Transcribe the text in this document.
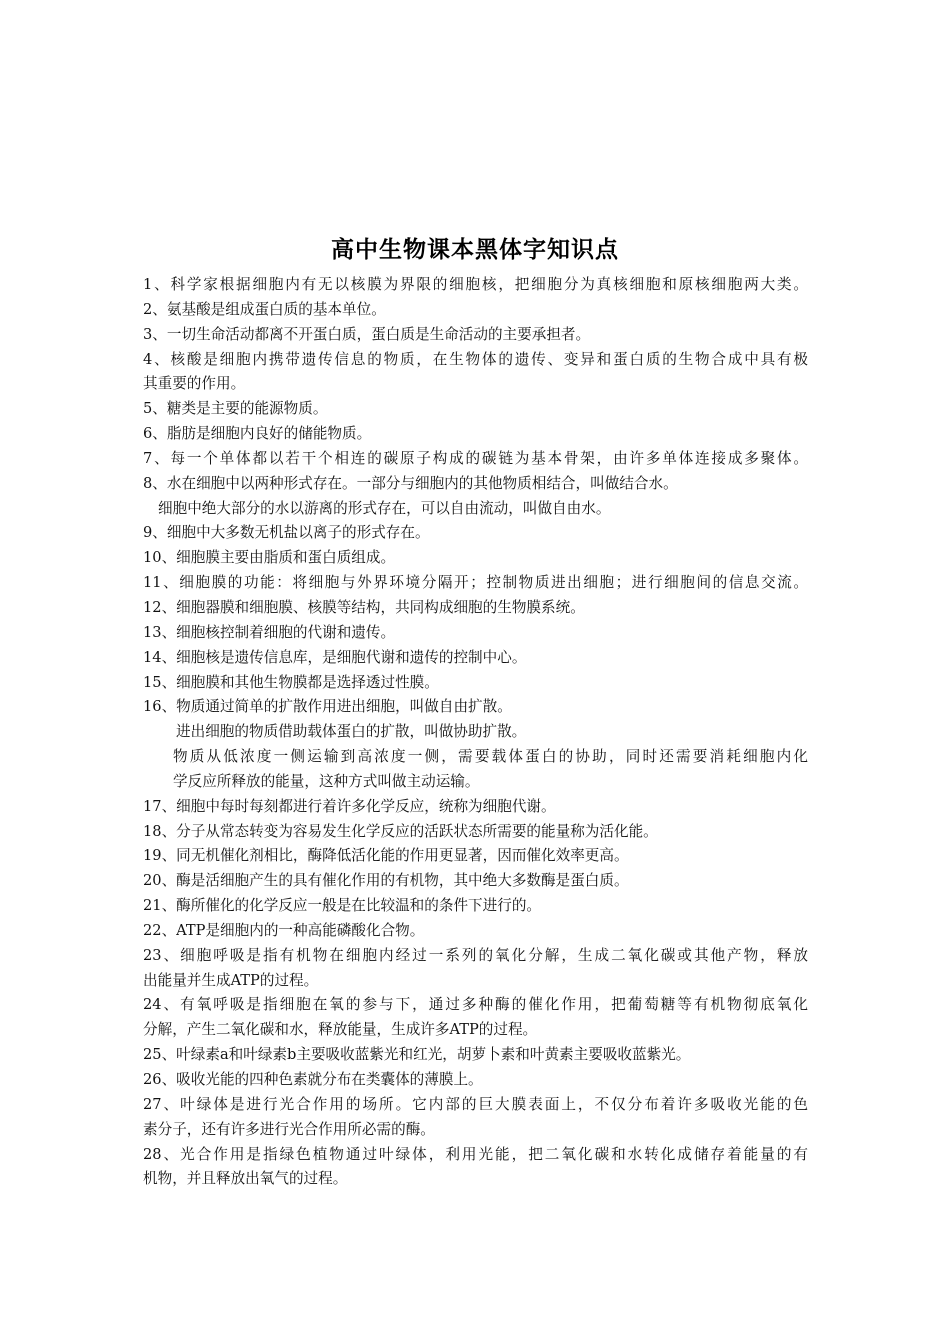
高中生物课本黑体字知识点
1、科学家根据细胞内有无以核膜为界限的细胞核，把细胞分为真核细胞和原核细胞两大类。
2、氨基酸是组成蛋白质的基本单位。
3、一切生命活动都离不开蛋白质，蛋白质是生命活动的主要承担者。
4、核酸是细胞内携带遗传信息的物质，在生物体的遗传、变异和蛋白质的生物合成中具有极
其重要的作用。
5、糖类是主要的能源物质。
6、脂肪是细胞内良好的储能物质。
7、每一个单体都以若干个相连的碳原子构成的碳链为基本骨架，由许多单体连接成多聚体。
8、水在细胞中以两种形式存在。一部分与细胞内的其他物质相结合，叫做结合水。
细胞中绝大部分的水以游离的形式存在，可以自由流动，叫做自由水。
9、细胞中大多数无机盐以离子的形式存在。
10、细胞膜主要由脂质和蛋白质组成。
11、细胞膜的功能：将细胞与外界环境分隔开；控制物质进出细胞；进行细胞间的信息交流。
12、细胞器膜和细胞膜、核膜等结构，共同构成细胞的生物膜系统。
13、细胞核控制着细胞的代谢和遗传。
14、细胞核是遗传信息库，是细胞代谢和遗传的控制中心。
15、细胞膜和其他生物膜都是选择透过性膜。
16、物质通过简单的扩散作用进出细胞，叫做自由扩散。
进出细胞的物质借助载体蛋白的扩散，叫做协助扩散。
物质从低浓度一侧运输到高浓度一侧，需要载体蛋白的协助，同时还需要消耗细胞内化
学反应所释放的能量，这种方式叫做主动运输。
17、细胞中每时每刻都进行着许多化学反应，统称为细胞代谢。
18、分子从常态转变为容易发生化学反应的活跃状态所需要的能量称为活化能。
19、同无机催化剂相比，酶降低活化能的作用更显著，因而催化效率更高。
20、酶是活细胞产生的具有催化作用的有机物，其中绝大多数酶是蛋白质。
21、酶所催化的化学反应一般是在比较温和的条件下进行的。
22、ATP是细胞内的一种高能磷酸化合物。
23、细胞呼吸是指有机物在细胞内经过一系列的氧化分解，生成二氧化碳或其他产物，释放
出能量并生成ATP的过程。
24、有氧呼吸是指细胞在氧的参与下，通过多种酶的催化作用，把葡萄糖等有机物彻底氧化
分解，产生二氧化碳和水，释放能量，生成许多ATP的过程。
25、叶绿素a和叶绿素b主要吸收蓝紫光和红光，胡萝卜素和叶黄素主要吸收蓝紫光。
26、吸收光能的四种色素就分布在类囊体的薄膜上。
27、叶绿体是进行光合作用的场所。它内部的巨大膜表面上，不仅分布着许多吸收光能的色
素分子，还有许多进行光合作用所必需的酶。
28、光合作用是指绿色植物通过叶绿体，利用光能，把二氧化碳和水转化成储存着能量的有
机物，并且释放出氧气的过程。
